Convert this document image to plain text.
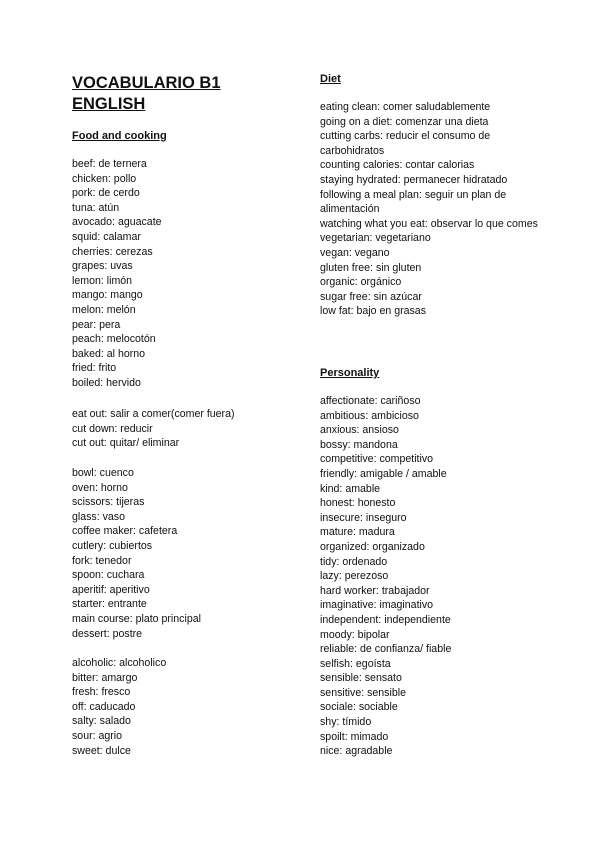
VOCABULARIO B1
ENGLISH
Food and cooking
beef: de ternera
chicken: pollo
pork: de cerdo
tuna: atún
avocado: aguacate
squid: calamar
cherries: cerezas
grapes: uvas
lemon: limón
mango: mango
melon: melón
pear: pera
peach: melocotón
baked: al horno
fried: frito
boiled: hervido
eat out: salir a comer(comer fuera)
cut down: reducir
cut out: quitar/ eliminar
bowl: cuenco
oven: horno
scissors: tijeras
glass: vaso
coffee maker: cafetera
cutlery: cubiertos
fork: tenedor
spoon: cuchara
aperitif: aperitivo
starter: entrante
main course: plato principal
dessert: postre
alcoholic: alcoholico
bitter: amargo
fresh: fresco
off: caducado
salty: salado
sour: agrio
sweet: dulce
Diet
eating clean: comer saludablemente
going on a diet: comenzar una dieta
cutting carbs: reducir el consumo de carbohidratos
counting calories: contar calorias
staying hydrated: permanecer hidratado
following a meal plan: seguir un plan de alimentación
watching what you eat: observar lo que comes
vegetarian: vegetariano
vegan: vegano
gluten free: sin gluten
organic: orgánico
sugar free: sin azúcar
low fat: bajo en grasas
Personality
affectionate: cariñoso
ambitious: ambicioso
anxious: ansioso
bossy: mandona
competitive: competitivo
friendly: amigable / amable
kind: amable
honest: honesto
insecure: inseguro
mature: madura
organized: organizado
tidy: ordenado
lazy: perezoso
hard worker: trabajador
imaginative: imaginativo
independent: independiente
moody: bipolar
reliable: de confianza/ fiable
selfish: egoísta
sensible: sensato
sensitive: sensible
sociale: sociable
shy: tímido
spoilt: mimado
nice: agradable
